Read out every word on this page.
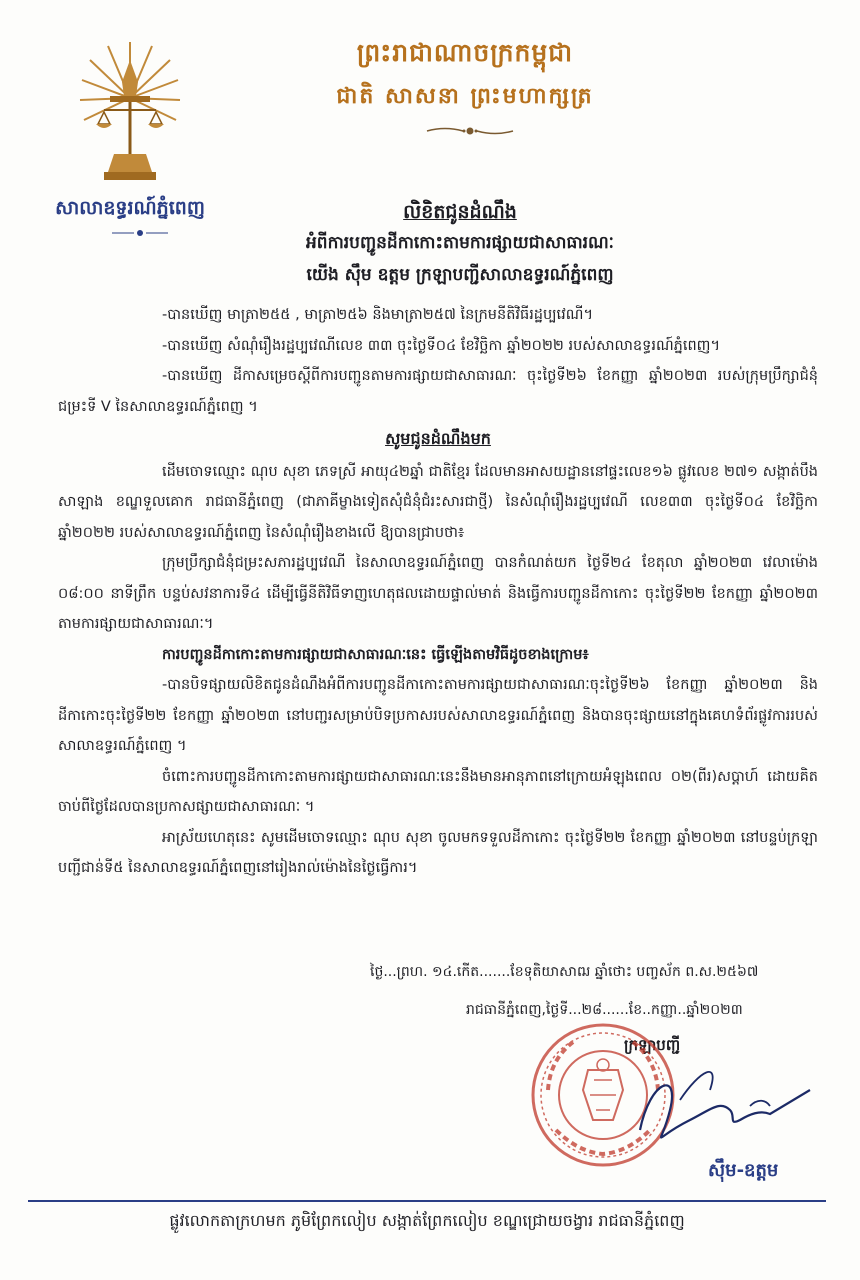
សាលាឧទ្ធរណ៍ភ្នំពេញ
ព្រះរាជាណាចក្រកម្ពុជា
ជាតិ សាសនា ព្រះមហាក្សត្រ
លិខិតជូនដំណឹង
អំពីការបញ្ជូនដីកាកោះតាមការផ្សាយជាសាធារណៈ
យើង ស៊ឹម ឧត្តម ក្រឡាបញ្ជីសាលាឧទ្ធរណ៍ភ្នំពេញ

-បានឃើញ មាត្រា២៥៥ , មាត្រា២៥៦ និងមាត្រា២៥៧ នៃក្រមនីតិវិធីរដ្ឋប្បវេណី។

-បានឃើញ សំណុំរឿងរដ្ឋប្បវេណីលេខ ៣៣ ចុះថ្ងៃទី០៤ ខែវិច្ឆិកា ឆ្នាំ២០២២ របស់សាលាឧទ្ធរណ៍ភ្នំពេញ។

-បានឃើញ ដីកាសម្រេចស្តីពីការបញ្ជូនតាមការផ្សាយជាសាធារណៈ ចុះថ្ងៃទី២៦ ខែកញ្ញា ឆ្នាំ២០២៣ របស់ក្រុមប្រឹក្សាជំនុំជម្រះទី V នៃសាលាឧទ្ធរណ៍ភ្នំពេញ ។

សូមជូនដំណឹងមក

ដើមចោទឈ្មោះ ណុប សុខា ភេទស្រី អាយុ៤២ឆ្នាំ ជាតិខ្មែរ ដែលមានអាសយដ្ឋាននៅផ្ទះលេខ១៦ ផ្លូវលេខ ២៧១ សង្កាត់បឹងសាឡាង ខណ្ឌទួលគោក រាជធានីភ្នំពេញ (ជាភាគីម្ខាងទៀតសុំជំនុំជំរះសារជាថ្មី) នៃសំណុំរឿងរដ្ឋប្បវេណី លេខ៣៣ ចុះថ្ងៃទី០៤ ខែវិច្ឆិកា ឆ្នាំ២០២២ របស់សាលាឧទ្ធរណ៍ភ្នំពេញ នៃសំណុំរឿងខាងលើ ឱ្យបានជ្រាបថា៖

ក្រុមប្រឹក្សាជំនុំជម្រះសភារដ្ឋប្បវេណី នៃសាលាឧទ្ធរណ៍ភ្នំពេញ បានកំណត់យក ថ្ងៃទី២៤ ខែតុលា ឆ្នាំ២០២៣ វេលាម៉ោង ០៨:០០ នាទីព្រឹក បន្ទប់សវនាការទី៤ ដើម្បីធ្វើនីតិវិធីទាញហេតុផលដោយផ្ទាល់មាត់ និងធ្វើការបញ្ជូនដីកាកោះ ចុះថ្ងៃទី២២ ខែកញ្ញា ឆ្នាំ២០២៣ តាមការផ្សាយជាសាធារណៈ។

ការបញ្ជូនដីកាកោះតាមការផ្សាយជាសាធារណៈនេះ ធ្វើឡើងតាមវិធីដូចខាងក្រោម៖

-បានបិទផ្សាយលិខិតជូនដំណឹងអំពីការបញ្ជូនដីកាកោះតាមការផ្សាយជាសាធារណៈចុះថ្ងៃទី២៦ ខែកញ្ញា ឆ្នាំ២០២៣ និងដីកាកោះចុះថ្ងៃទី២២ ខែកញ្ញា ឆ្នាំ២០២៣ នៅបញ្ជរសម្រាប់បិទប្រកាសរបស់សាលាឧទ្ធរណ៍ភ្នំពេញ និងបានចុះផ្សាយនៅក្នុងគេហទំព័រផ្លូវការរបស់សាលាឧទ្ធរណ៍ភ្នំពេញ ។

ចំពោះការបញ្ជូនដីកាកោះតាមការផ្សាយជាសាធារណៈនេះនឹងមានអានុភាពនៅក្រោយអំឡុងពេល ០២(ពីរ)សប្តាហ៍ ដោយគិតចាប់ពីថ្ងៃដែលបានប្រកាសផ្សាយជាសាធារណៈ ។

អាស្រ័យហេតុនេះ សូមដើមចោទឈ្មោះ ណុប សុខា ចូលមកទទួលដីកាកោះ ចុះថ្ងៃទី២២ ខែកញ្ញា ឆ្នាំ២០២៣ នៅបន្ទប់ក្រឡាបញ្ជីជាន់ទី៥ នៃសាលាឧទ្ធរណ៍ភ្នំពេញនៅរៀងរាល់ម៉ោងនៃថ្ងៃធ្វើការ។

ថ្ងៃ...ព្រហ. ១៤.កើត.......ខែទុតិយាសាឍ ឆ្នាំថោះ បញ្ចស័ក ព.ស.២៥៦៧
រាជធានីភ្នំពេញ,ថ្ងៃទី...២៨......ខែ..កញ្ញា..ឆ្នាំ២០២៣
ក្រឡាបញ្ជី
ស៊ឹម-ឧត្តម
ផ្លូវលោកតាក្រហមក ភូមិព្រែកលៀប សង្កាត់ព្រែកលៀប ខណ្ឌជ្រោយចង្វារ រាជធានីភ្នំពេញ
